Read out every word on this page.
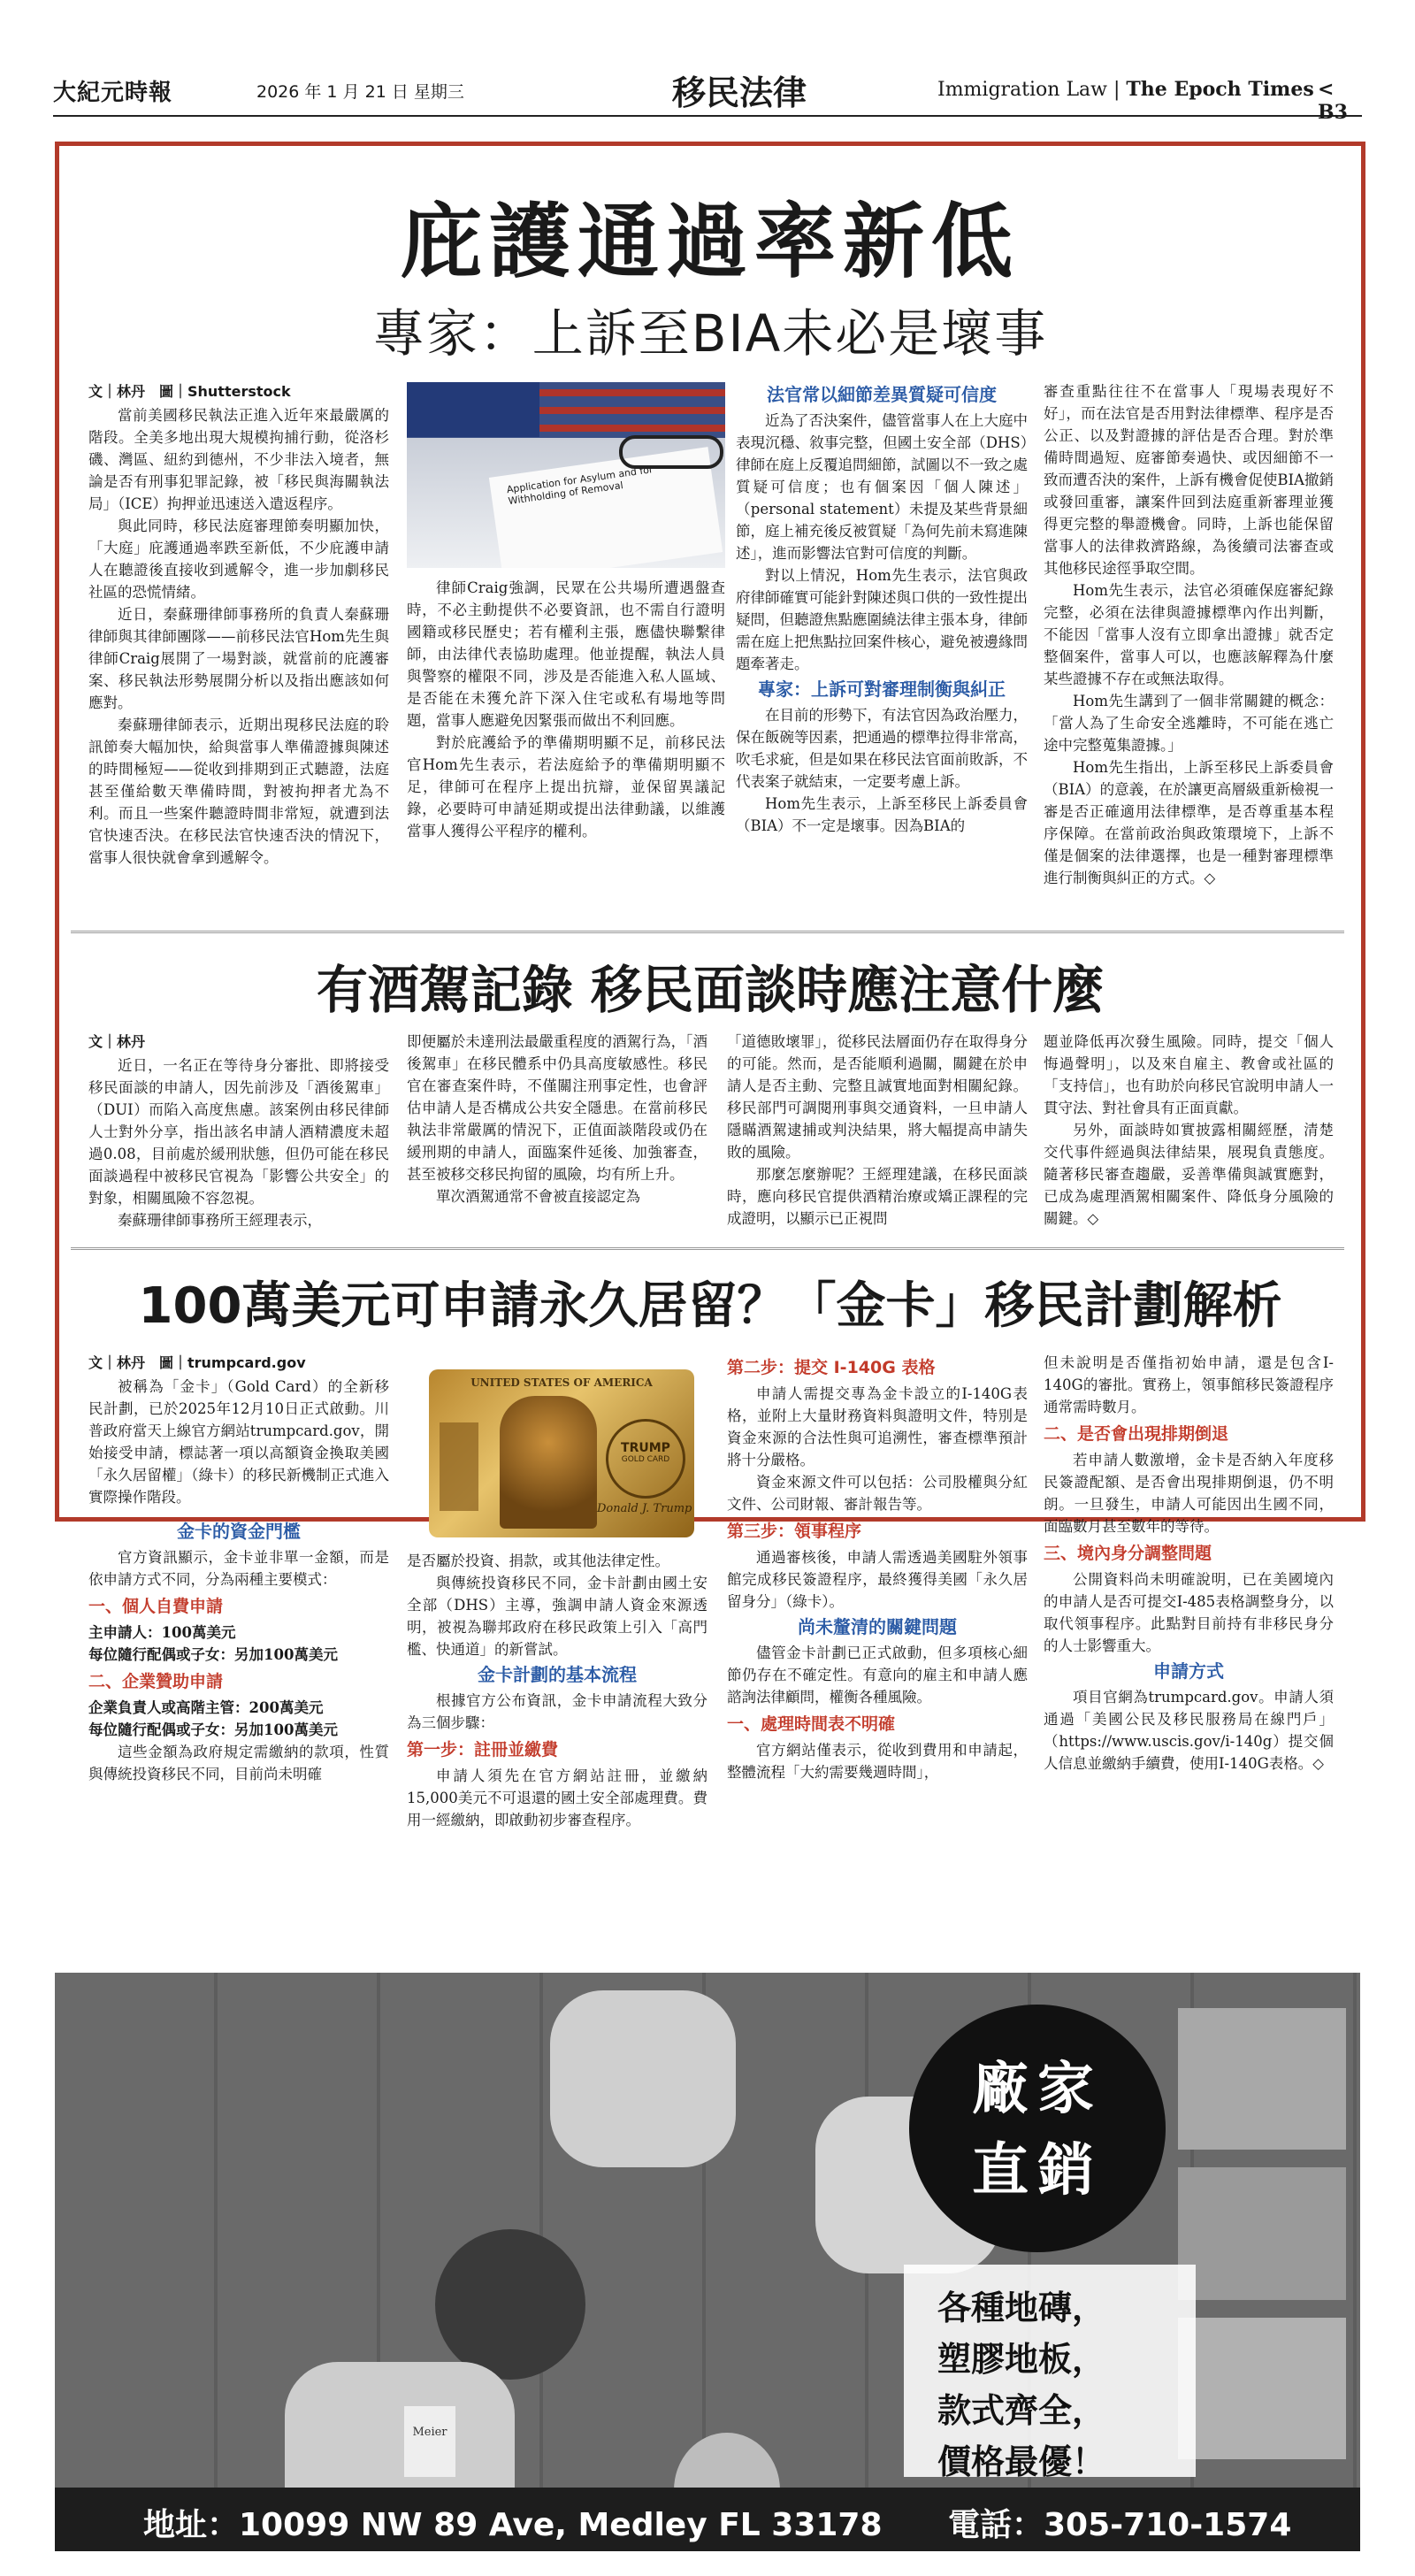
大紀元時報	2026 年 1 月 21 日 星期三	移民法律	Immigration Law | The Epoch Times < B3
庇護通過率新低
專家：上訴至BIA未必是壞事
文｜林丹　圖｜Shutterstock

當前美國移民執法正進入近年來最嚴厲的階段。全美多地出現大規模拘捕行動，從洛杉磯、灣區、紐約到德州，不少非法入境者，無論是否有刑事犯罪記錄，被「移民與海關執法局」（ICE）拘押並迅速送入遣返程序。

與此同時，移民法庭審理節奏明顯加快，「大庭」庇護通過率跌至新低，不少庇護申請人在聽證後直接收到遞解令，進一步加劇移民社區的恐慌情緒。

近日，秦蘇珊律師事務所的負責人秦蘇珊律師與其律師團隊——前移民法官Hom先生與律師Craig展開了一場對談，就當前的庇護審案、移民執法形勢展開分析以及指出應該如何應對。

秦蘇珊律師表示，近期出現移民法庭的聆訊節奏大幅加快，給與當事人準備證據與陳述的時間極短——從收到排期到正式聽證，法庭甚至僅給數天準備時間，對被拘押者尤為不利。而且一些案件聽證時間非常短，就遭到法官快速否決。在移民法官快速否決的情況下，當事人很快就會拿到遞解令。

Application for Asylum and for Withholding of Removal

律師Craig強調，民眾在公共場所遭遇盤查時，不必主動提供不必要資訊，也不需自行證明國籍或移民歷史；若有權利主張，應儘快聯繫律師，由法律代表協助處理。他並提醒，執法人員與警察的權限不同，涉及是否能進入私人區域、是否能在未獲允許下深入住宅或私有場地等問題，當事人應避免因緊張而做出不利回應。

對於庇護給予的準備期明顯不足，前移民法官Hom先生表示，若法庭給予的準備期明顯不足，律師可在程序上提出抗辯，並保留異議記錄，必要時可申請延期或提出法律動議，以維護當事人獲得公平程序的權利。

法官常以細節差異質疑可信度

近為了否決案件，儘管當事人在上大庭中表現沉穩、敘事完整，但國土安全部（DHS）律師在庭上反覆追問細節，試圖以不一致之處質疑可信度；也有個案因「個人陳述」（personal statement）未提及某些背景細節，庭上補充後反被質疑「為何先前未寫進陳述」，進而影響法官對可信度的判斷。

對以上情況，Hom先生表示，法官與政府律師確實可能針對陳述與口供的一致性提出疑問，但聽證焦點應圍繞法律主張本身，律師需在庭上把焦點拉回案件核心，避免被邊緣問題牽著走。

專家：上訴可對審理制衡與糾正

在目前的形勢下，有法官因為政治壓力，保在飯碗等因素，把通過的標準拉得非常高，吹毛求疵，但是如果在移民法官面前敗訴，不代表案子就結束，一定要考慮上訴。

Hom先生表示，上訴至移民上訴委員會（BIA）不一定是壞事。因為BIA的

審查重點往往不在當事人「現場表現好不好」，而在法官是否用對法律標準、程序是否公正、以及對證據的評估是否合理。對於準備時間過短、庭審節奏過快、或因細節不一致而遭否決的案件，上訴有機會促使BIA撤銷或發回重審，讓案件回到法庭重新審理並獲得更完整的舉證機會。同時，上訴也能保留當事人的法律救濟路線，為後續司法審查或其他移民途徑爭取空間。

Hom先生表示，法官必須確保庭審紀錄完整，必須在法律與證據標準內作出判斷，不能因「當事人沒有立即拿出證據」就否定整個案件，當事人可以，也應該解釋為什麼某些證據不存在或無法取得。

Hom先生講到了一個非常關鍵的概念：「當人為了生命安全逃離時，不可能在逃亡途中完整蒐集證據。」

Hom先生指出，上訴至移民上訴委員會（BIA）的意義，在於讓更高層級重新檢視一審是否正確適用法律標準，是否尊重基本程序保障。在當前政治與政策環境下，上訴不僅是個案的法律選擇，也是一種對審理標準進行制衡與糾正的方式。◇

有酒駕記錄 移民面談時應注意什麼
文｜林丹

近日，一名正在等待身分審批、即將接受移民面談的申請人，因先前涉及「酒後駕車」（DUI）而陷入高度焦慮。該案例由移民律師人士對外分享，指出該名申請人酒精濃度未超過0.08，目前處於緩刑狀態，但仍可能在移民面談過程中被移民官視為「影響公共安全」的對象，相關風險不容忽視。

秦蘇珊律師事務所王經理表示，

即便屬於未達刑法最嚴重程度的酒駕行為，「酒後駕車」在移民體系中仍具高度敏感性。移民官在審查案件時，不僅關注刑事定性，也會評估申請人是否構成公共安全隱患。在當前移民執法非常嚴厲的情況下，正值面談階段或仍在緩刑期的申請人，面臨案件延後、加強審查，甚至被移交移民拘留的風險，均有所上升。

單次酒駕通常不會被直接認定為

「道德敗壞罪」，從移民法層面仍存在取得身分的可能。然而，是否能順利過關，關鍵在於申請人是否主動、完整且誠實地面對相關紀錄。移民部門可調閱刑事與交通資料，一旦申請人隱瞞酒駕逮捕或判決結果，將大幅提高申請失敗的風險。

那麼怎麼辦呢？王經理建議，在移民面談時，應向移民官提供酒精治療或矯正課程的完成證明，以顯示已正視問

題並降低再次發生風險。同時，提交「個人悔過聲明」，以及來自雇主、教會或社區的「支持信」，也有助於向移民官說明申請人一貫守法、對社會具有正面貢獻。

另外，面談時如實披露相關經歷，清楚交代事件經過與法律結果，展現負責態度。隨著移民審查趨嚴，妥善準備與誠實應對，已成為處理酒駕相關案件、降低身分風險的關鍵。◇

100萬美元可申請永久居留？「金卡」移民計劃解析
文｜林丹　圖｜trumpcard.gov

被稱為「金卡」（Gold Card）的全新移民計劃，已於2025年12月10日正式啟動。川普政府當天上線官方網站trumpcard.gov，開始接受申請，標誌著一項以高額資金換取美國「永久居留權」（綠卡）的移民新機制正式進入實際操作階段。

金卡的資金門檻

官方資訊顯示，金卡並非單一金額，而是依申請方式不同，分為兩種主要模式：

一、個人自費申請
主申請人：100萬美元
每位隨行配偶或子女：另加100萬美元
二、企業贊助申請
企業負責人或高階主管：200萬美元
每位隨行配偶或子女：另加100萬美元

這些金額為政府規定需繳納的款項，性質與傳統投資移民不同，目前尚未明確

UNITED STATES OF AMERICA
TRUMP
GOLD CARD
Donald J. Trump

是否屬於投資、捐款，或其他法律定性。

與傳統投資移民不同，金卡計劃由國土安全部（DHS）主導，強調申請人資金來源透明，被視為聯邦政府在移民政策上引入「高門檻、快通道」的新嘗試。

金卡計劃的基本流程

根據官方公布資訊，金卡申請流程大致分為三個步驟：

第一步：註冊並繳費

申請人須先在官方網站註冊，並繳納15,000美元不可退還的國土安全部處理費。費用一經繳納，即啟動初步審查程序。

第二步：提交 I-140G 表格

申請人需提交專為金卡設立的I-140G表格，並附上大量財務資料與證明文件，特別是資金來源的合法性與可追溯性，審查標準預計將十分嚴格。

資金來源文件可以包括：公司股權與分紅文件、公司財報、審計報告等。

第三步：領事程序

通過審核後，申請人需透過美國駐外領事館完成移民簽證程序，最終獲得美國「永久居留身分」（綠卡）。

尚未釐清的關鍵問題

儘管金卡計劃已正式啟動，但多項核心細節仍存在不確定性。有意向的雇主和申請人應諮詢法律顧問，權衡各種風險。

一、處理時間表不明確

官方網站僅表示，從收到費用和申請起，整體流程「大約需要幾週時間」，

但未說明是否僅指初始申請，還是包含I-140G的審批。實務上，領事館移民簽證程序通常需時數月。

二、是否會出現排期倒退

若申請人數激增，金卡是否納入年度移民簽證配額、是否會出現排期倒退，仍不明朗。一旦發生，申請人可能因出生國不同，面臨數月甚至數年的等待。

三、境內身分調整問題

公開資料尚未明確說明，已在美國境內的申請人是否可提交I-485表格調整身分，以取代領事程序。此點對目前持有非移民身分的人士影響重大。

申請方式

項目官網為trumpcard.gov。申請人須通過「美國公民及移民服務局在線門戶」（https://www.uscis.gov/i-140g）提交個人信息並繳納手續費，使用I-140G表格。◇

Meier
廠家
直銷
各種地磚，
塑膠地板，
款式齊全，
價格最優！
地址：10099 NW 89 Ave, Medley FL 33178 電話：305-710-1574
